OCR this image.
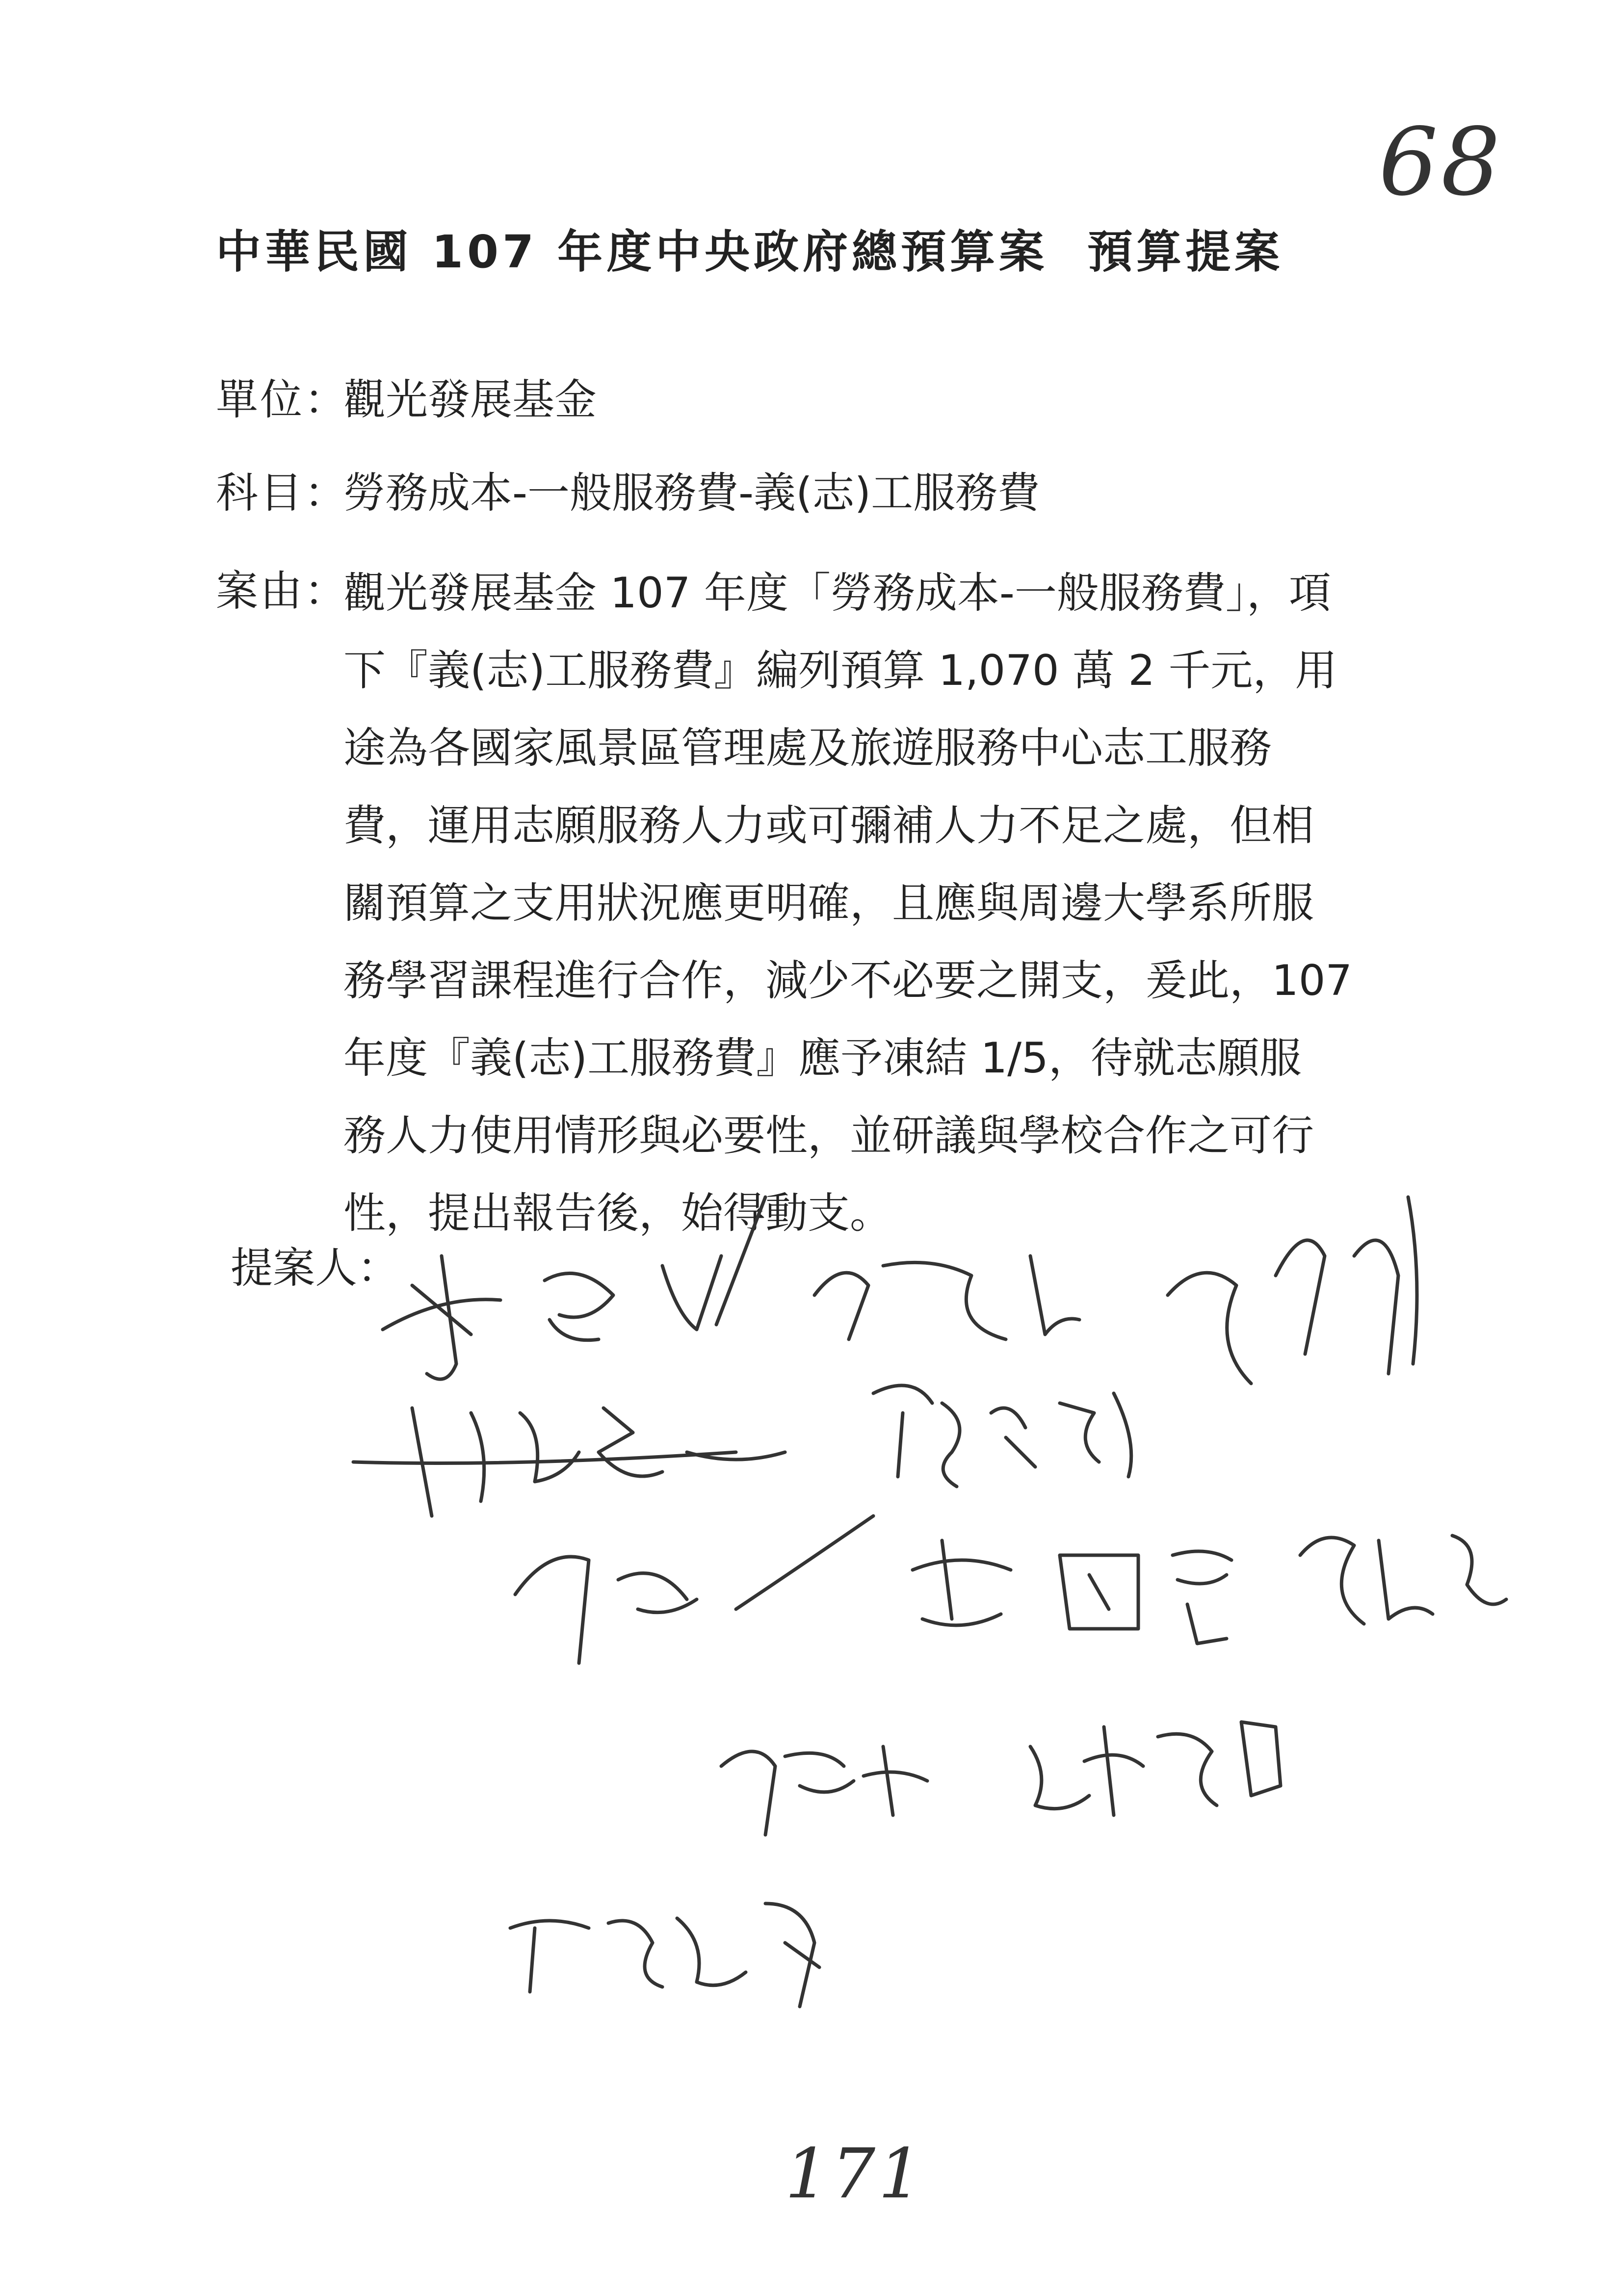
68
中華民國 107 年度中央政府總預算案  預算提案
單位：
觀光發展基金
科目：
勞務成本-一般服務費-義(志)工服務費
案由：
觀光發展基金 107 年度「勞務成本-一般服務費」，項
下『義(志)工服務費』編列預算 1,070 萬 2 千元，用
途為各國家風景區管理處及旅遊服務中心志工服務
費，運用志願服務人力或可彌補人力不足之處，但相
關預算之支用狀況應更明確，且應與周邊大學系所服
務學習課程進行合作，減少不必要之開支，爰此，107
年度『義(志)工服務費』應予凍結 1/5，待就志願服
務人力使用情形與必要性，並研議與學校合作之可行
性，提出報告後，始得動支。
提案人：
171
